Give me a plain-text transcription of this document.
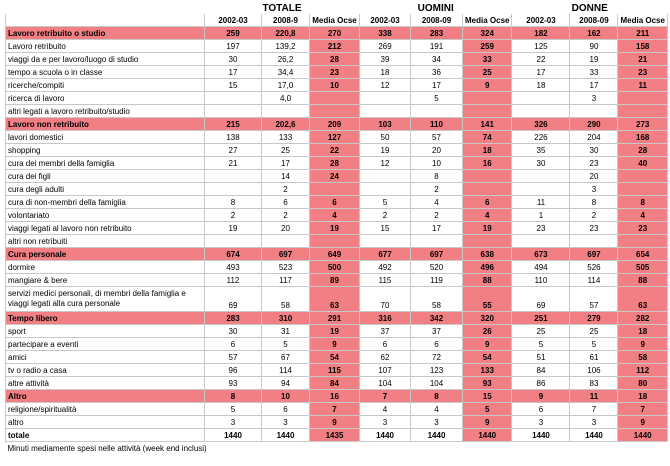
	TOTALE			UOMINI			DONNE		
	2002-03	2008-9	Media Ocse	2002-03	2008-09	Media Ocse	2002-03	2008-09	Media Ocse
Lavoro retribuito o studio	259	220,8	270	338	283	324	182	162	211
Lavoro retribuito	197	139,2	212	269	191	259	125	90	158
viaggi da e per lavoro/luogo di studio	30	26,2	28	39	34	33	22	19	21
tempo a scuola o in classe	17	34,4	23	18	36	25	17	33	23
ricerche/compiti	15	17,0	10	12	17	9	18	17	11
ricerca di lavoro		4,0			5			3	
altri legati a lavoro retribuito/studio									
Lavoro non retribuito	215	202,6	209	103	110	141	326	290	273
lavori domestici	138	133	127	50	57	74	226	204	168
shopping	27	25	22	19	20	18	35	30	28
cura dei membri della famiglia	21	17	28	12	10	16	30	23	40
cura dei figli		14	24		8			20	
cura degli adulti		2			2			3	
cura di non-membri della famiglia	8	6	6	5	4	6	11	8	8
volontariato	2	2	4	2	2	4	1	2	4
viaggi legati al lavoro non retribuito	19	20	19	15	17	19	23	23	23
altri non retribuiti									
Cura personale	674	697	649	677	697	638	673	697	654
dormire	493	523	500	492	520	496	494	526	505
mangiare & bere	112	117	89	115	119	88	110	114	88
servizi medici personali, di membri della famiglia e viaggi legati alla cura personale	69	58	63	70	58	55	69	57	63
Tempo libero	283	310	291	316	342	320	251	279	282
sport	30	31	19	37	37	26	25	25	18
partecipare a eventi	6	5	9	6	6	9	5	5	9
amici	57	67	54	62	72	54	51	61	58
tv o radio a casa	96	114	115	107	123	133	84	106	112
altre attività	93	94	84	104	104	93	86	83	80
Altro	8	10	16	7	8	15	9	11	18
religione/spiritualità	5	6	7	4	4	5	6	7	7
altro	3	3	9	3	3	9	3	3	9
totale	1440	1440	1435	1440	1440	1440	1440	1440	1440
Minuti mediamente spesi nelle attività (week end inclusi)									
